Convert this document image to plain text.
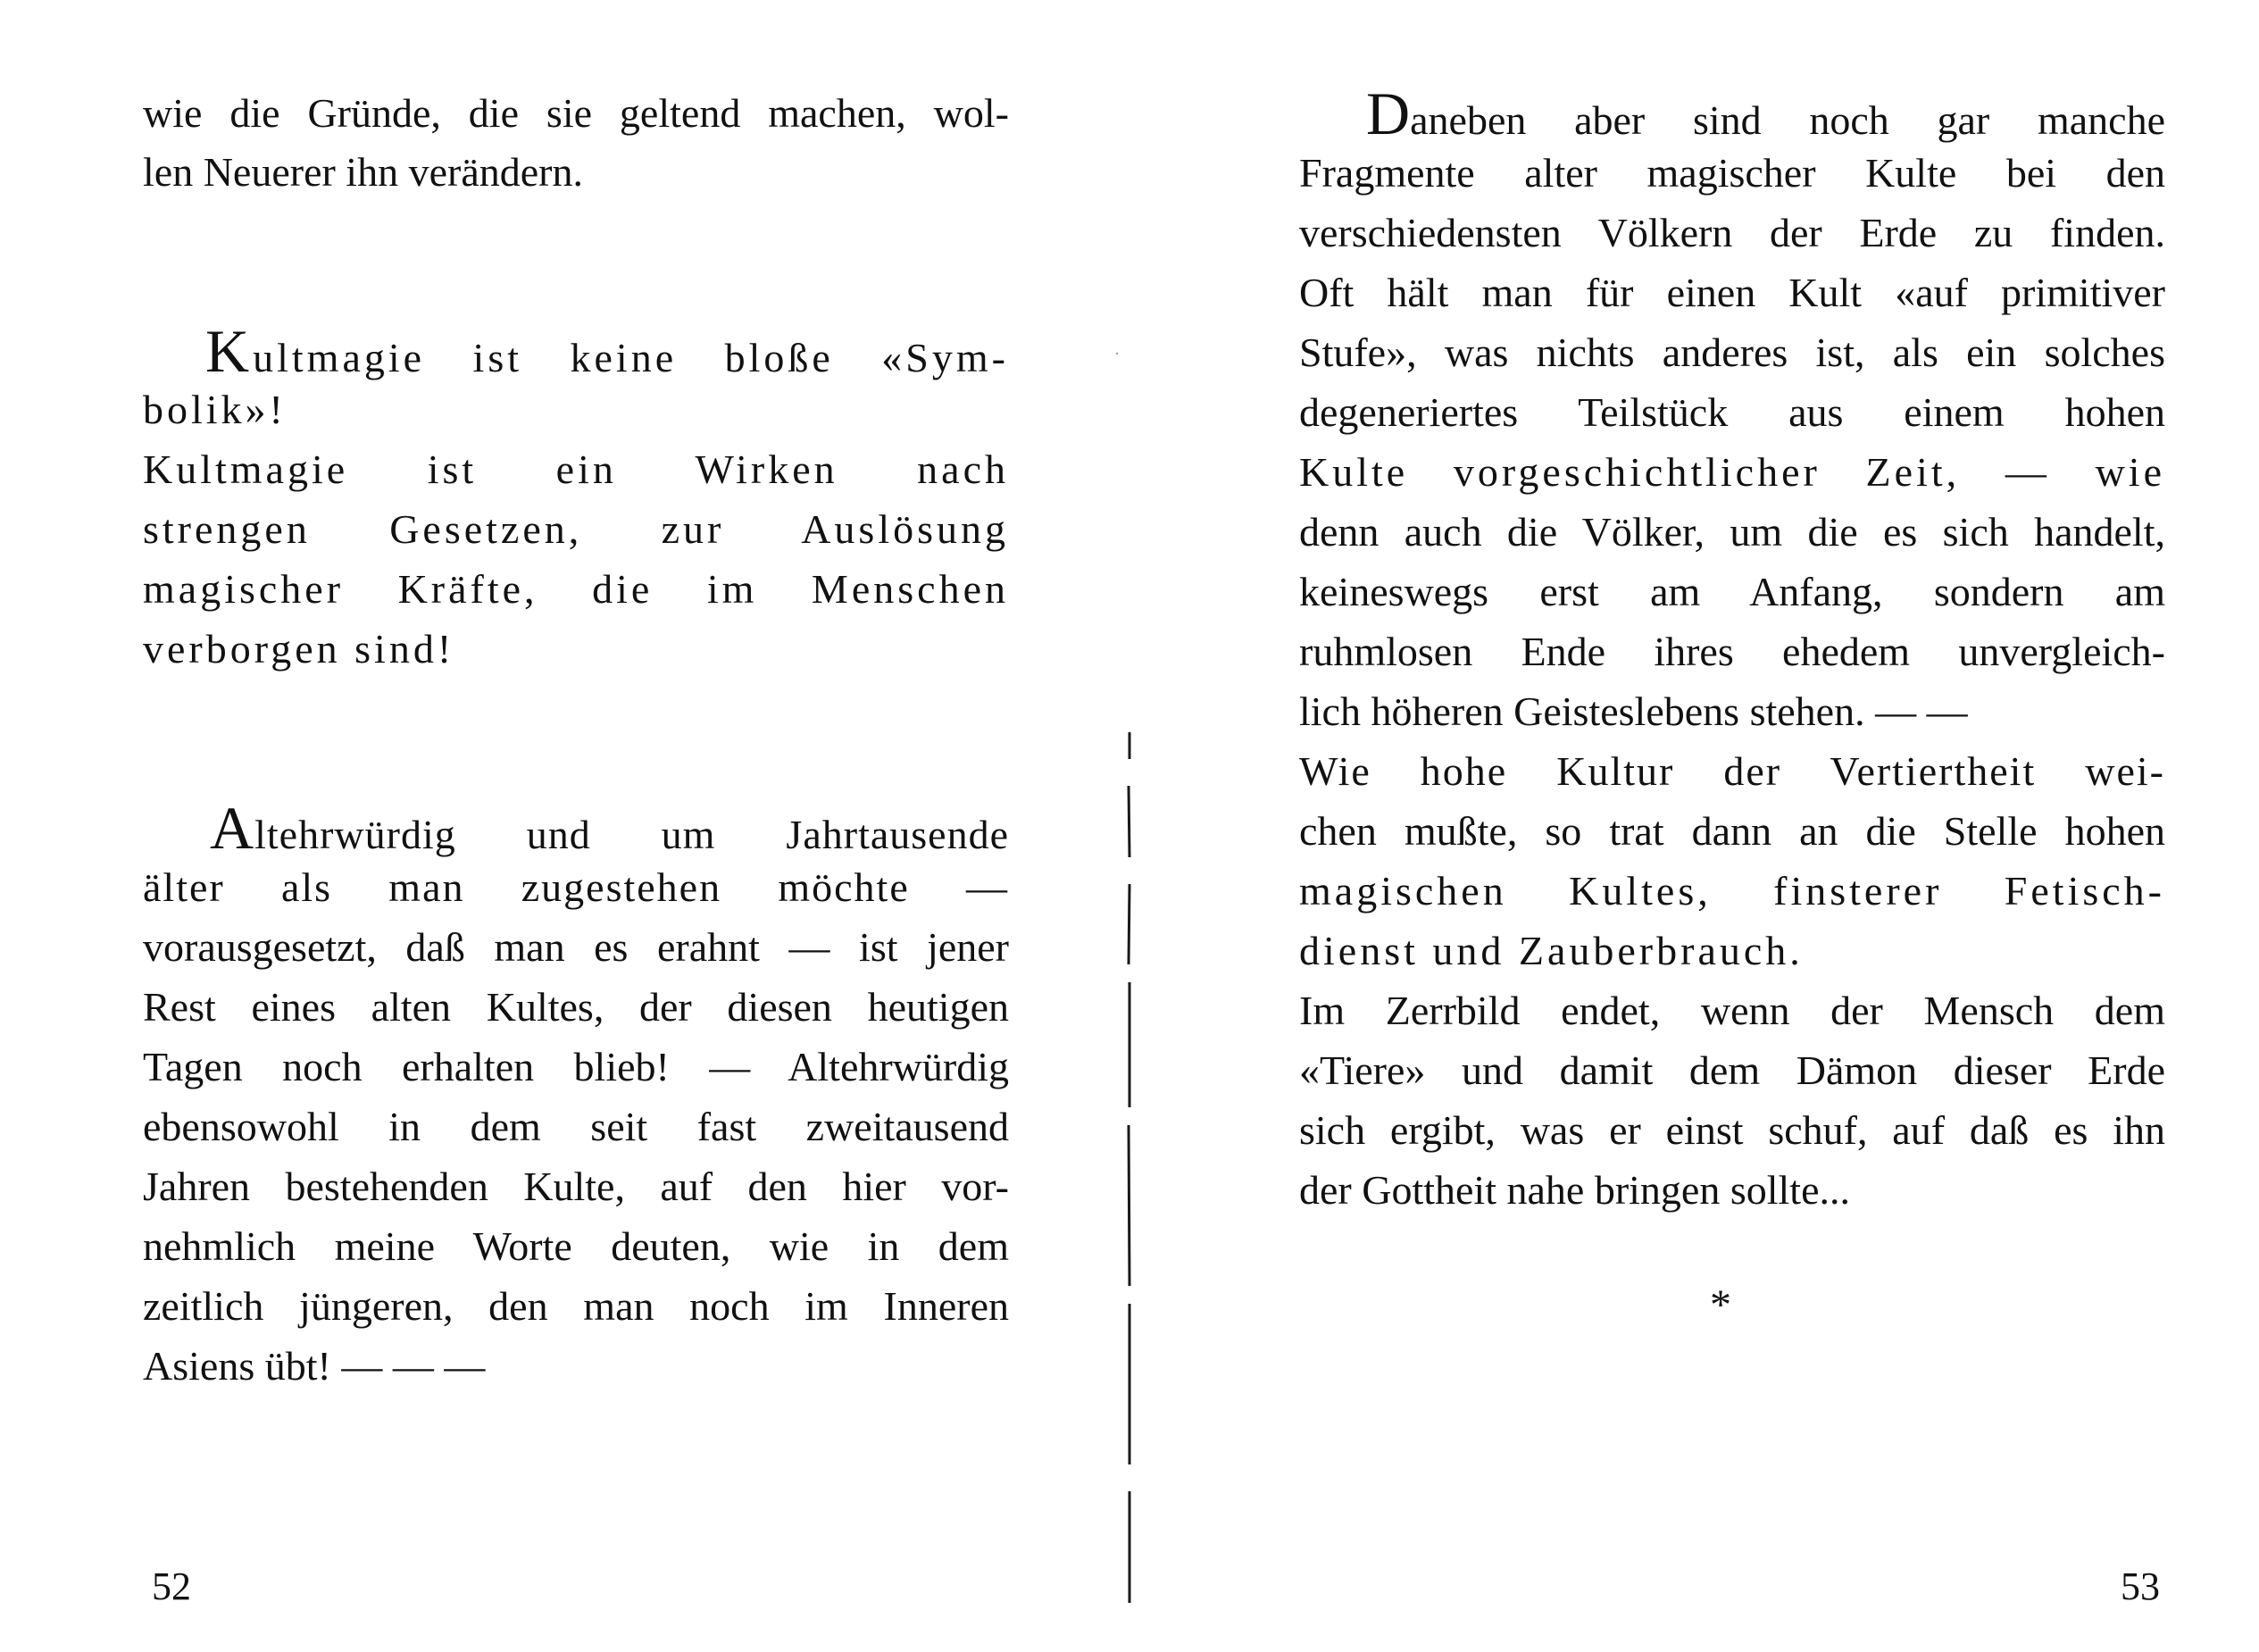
wie die Gründe, die sie geltend machen, wol-
len Neuerer ihn verändern.
Kultmagie ist keine bloße «Sym-
bolik»!
Kultmagie ist ein Wirken nach
strengen Gesetzen, zur Auslösung
magischer Kräfte, die im Menschen
verborgen sind!
Altehrwürdig und um Jahrtausende
älter als man zugestehen möchte —
vorausgesetzt, daß man es erahnt — ist jener
Rest eines alten Kultes, der diesen heutigen
Tagen noch erhalten blieb! — Altehrwürdig
ebensowohl in dem seit fast zweitausend
Jahren bestehenden Kulte, auf den hier vor-
nehmlich meine Worte deuten, wie in dem
zeitlich jüngeren, den man noch im Inneren
Asiens übt! — — —
52
Daneben aber sind noch gar manche
Fragmente alter magischer Kulte bei den
verschiedensten Völkern der Erde zu finden.
Oft hält man für einen Kult «auf primitiver
Stufe», was nichts anderes ist, als ein solches
degeneriertes Teilstück aus einem hohen
Kulte vorgeschichtlicher Zeit, — wie
denn auch die Völker, um die es sich handelt,
keineswegs erst am Anfang, sondern am
ruhmlosen Ende ihres ehedem unvergleich-
lich höheren Geisteslebens stehen. — —
Wie hohe Kultur der Vertiertheit wei-
chen mußte, so trat dann an die Stelle hohen
magischen Kultes, finsterer Fetisch-
dienst und Zauberbrauch.
Im Zerrbild endet, wenn der Mensch dem
«Tiere» und damit dem Dämon dieser Erde
sich ergibt, was er einst schuf, auf daß es ihn
der Gottheit nahe bringen sollte...
*
53
